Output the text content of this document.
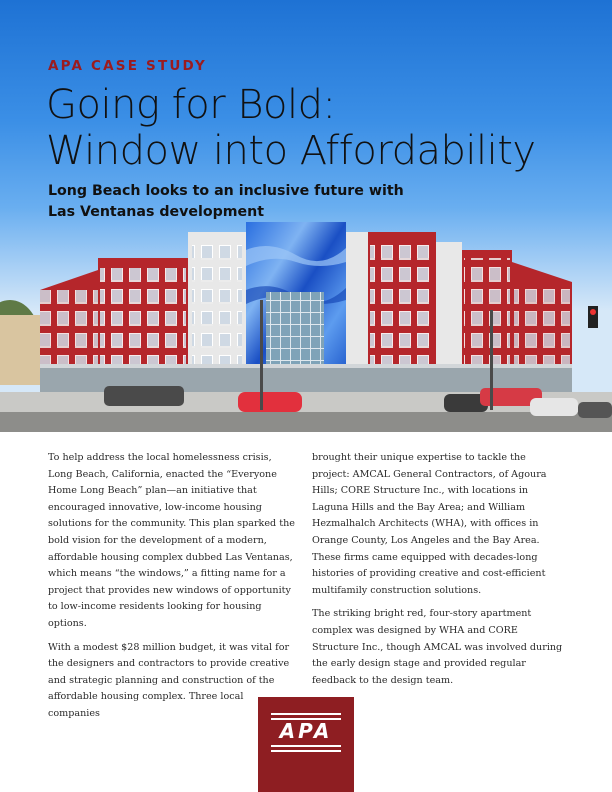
APA CASE STUDY
Going for Bold:
Window into Affordability
Long Beach looks to an inclusive future with
Las Ventanas development

To help address the local homelessness crisis, Long Beach, California, enacted the “Everyone Home Long Beach” plan—an initiative that encouraged innovative, low-income housing solutions for the community. This plan sparked the bold vision for the development of a modern, affordable housing complex dubbed Las Ventanas, which means “the windows,” a fitting name for a project that provides new windows of opportunity to low-income residents looking for housing options.

With a modest $28 million budget, it was vital for the designers and contractors to provide creative and strategic planning and construction of the affordable housing complex. Three local companies

brought their unique expertise to tackle the project: AMCAL General Contractors, of Agoura Hills; CORE Structure Inc., with locations in Laguna Hills and the Bay Area; and William Hezmalhalch Architects (WHA), with offices in Orange County, Los Angeles and the Bay Area. These firms came equipped with decades-long histories of providing creative and cost-efficient multifamily construction solutions.

The striking bright red, four-story apartment complex was designed by WHA and CORE Structure Inc., though AMCAL was involved during the early design stage and provided regular feedback to the design team.

APA
